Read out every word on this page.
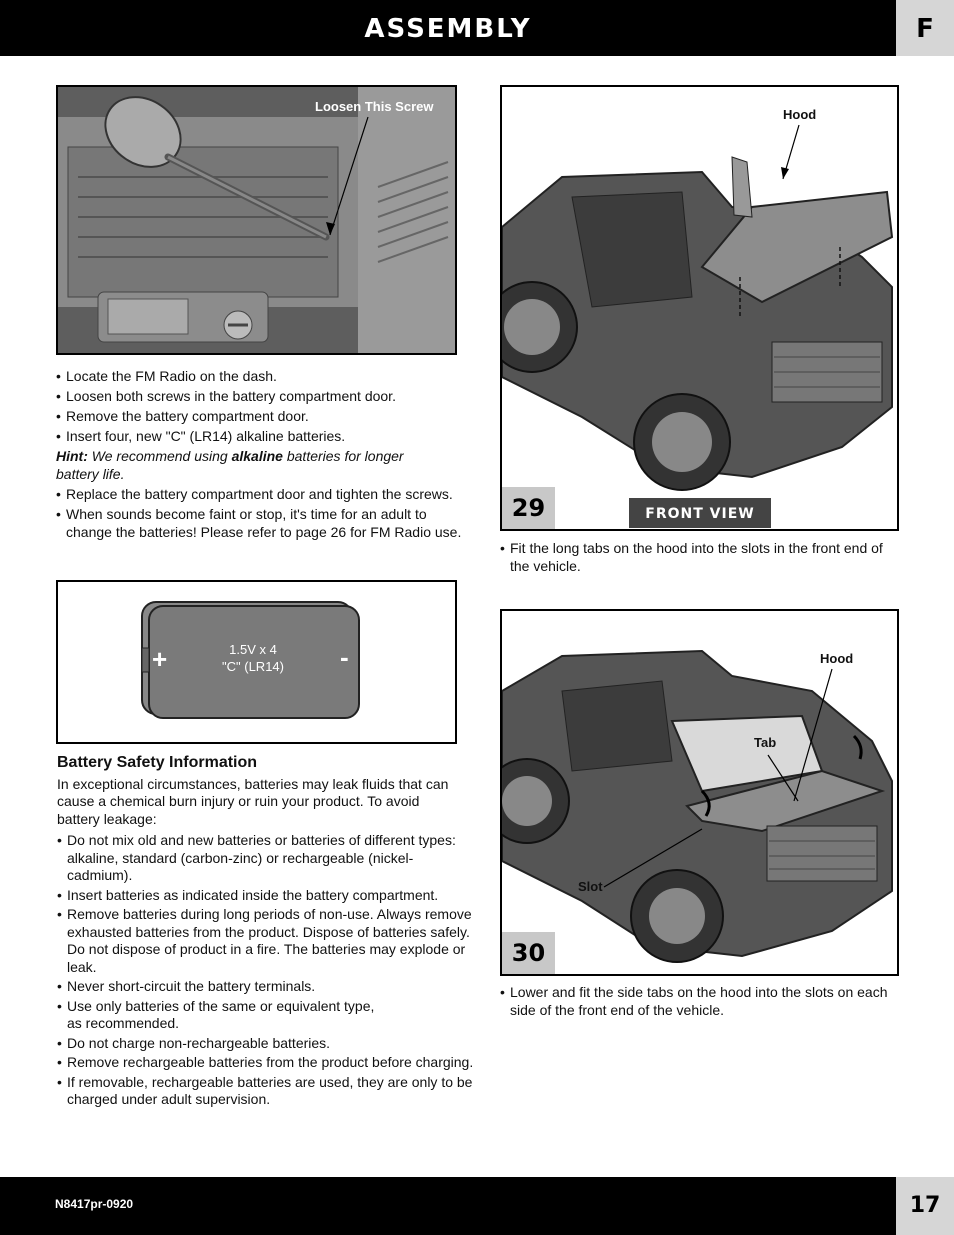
ASSEMBLY	F
Loosen This Screw
• Locate the FM Radio on the dash.
• Loosen both screws in the battery compartment door.
• Remove the battery compartment door.
• Insert four, new "C" (LR14) alkaline batteries.
Hint: We recommend using alkaline batteries for longer battery life.
• Replace the battery compartment door and tighten the screws.
• When sounds become faint or stop, it's time for an adult to change the batteries! Please refer to page 26 for FM Radio use.
+	-
1.5V x 4
"C" (LR14)
Battery Safety Information
In exceptional circumstances, batteries may leak fluids that can cause a chemical burn injury or ruin your product. To avoid battery leakage:
• Do not mix old and new batteries or batteries of different types: alkaline, standard (carbon-zinc) or rechargeable (nickel-cadmium).
• Insert batteries as indicated inside the battery compartment.
• Remove batteries during long periods of non-use. Always remove exhausted batteries from the product. Dispose of batteries safely. Do not dispose of product in a fire. The batteries may explode or leak.
• Never short-circuit the battery terminals.
• Use only batteries of the same or equivalent type, as recommended.
• Do not charge non-rechargeable batteries.
• Remove rechargeable batteries from the product before charging.
• If removable, rechargeable batteries are used, they are only to be charged under adult supervision.
Hood
29	FRONT VIEW
• Fit the long tabs on the hood into the slots in the front end of the vehicle.
Hood
Tab
Slot
30
• Lower and fit the side tabs on the hood into the slots on each side of the front end of the vehicle.
N8417pr-0920	17
